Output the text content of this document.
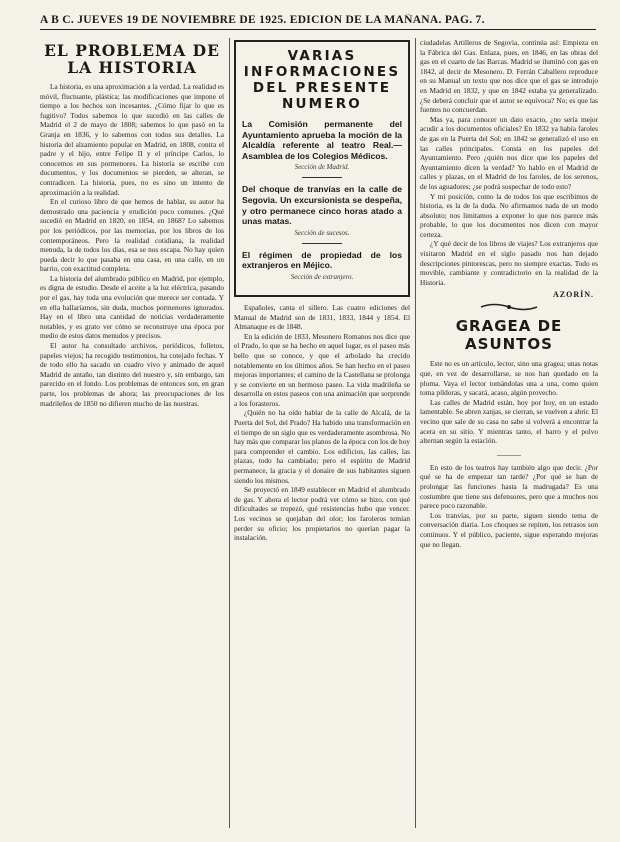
A B C. JUEVES 19 DE NOVIEMBRE DE 1925. EDICION DE LA MAÑANA. PAG. 7.
EL PROBLEMA DE LA HISTORIA

La historia, es una aproximación a la verdad. La realidad es móvil, fluctuante, plástica; las modificaciones que impone el tiempo a los hechos son incesantes. ¿Cómo fijar lo que es fugitivo? Todos sabemos lo que sucedió en las calles de Madrid el 2 de mayo de 1808; sabemos lo que pasó en la Granja en 1836, y lo sabemos con todos sus detalles. La historia del alzamiento popular en Madrid, en 1808, contra el padre y el hijo, entre Felipe II y el príncipe Carlos, lo conocemos en sus pormenores. La historia se escribe con documentos, y los documentos se pierden, se alteran, se contradicen. La historia, pues, no es sino un intento de aproximación a la realidad.

En el curioso libro de que hemos de hablar, su autor ha demostrado una paciencia y erudición poco comunes. ¿Qué sucedió en Madrid en 1820, en 1854, en 1868? Lo sabemos por los periódicos, por las memorias, por los libros de los contemporáneos. Pero la realidad cotidiana, la realidad menuda, la de todos los días, esa se nos escapa. No hay quien pueda decir lo que pasaba en una casa, en una calle, en un barrio, con exactitud completa.

La historia del alumbrado público en Madrid, por ejemplo, es digna de estudio. Desde el aceite a la luz eléctrica, pasando por el gas, hay toda una evolución que merece ser contada. Y en ella hallaríamos, sin duda, muchos pormenores ignorados. Hay en el libro una cantidad de noticias verdaderamente notables, y es grato ver cómo se reconstruye una época por medio de estos datos menudos y precisos.

El autor ha consultado archivos, periódicos, folletos, papeles viejos; ha recogido testimonios, ha cotejado fechas. Y de todo ello ha sacado un cuadro vivo y animado de aquel Madrid de antaño, tan distinto del nuestro y, sin embargo, tan parecido en el fondo. Los problemas de entonces son, en gran parte, los problemas de ahora; las preocupaciones de los madrileños de 1850 no difieren mucho de las nuestras.

VARIAS INFORMACIONES DEL PRESENTE NUMERO

La Comisión permanente del Ayuntamiento aprueba la moción de la Alcaldía referente al teatro Real.—Asamblea de los Colegios Médicos.

Sección de Madrid.

Del choque de tranvías en la calle de Segovia. Un excursionista se despeña, y otro permanece cinco horas atado a unas matas.

Sección de sucesos.

El régimen de propiedad de los extranjeros en Méjico.

Sección de extranjero.

Españoles, canta el sillero. Las cuatro ediciones del Manual de Madrid son de 1831, 1833, 1844 y 1854. El Almanaque es de 1848.

En la edición de 1833, Mesonero Romanos nos dice que el Prado, lo que se ha hecho en aquel lugar, es el paseo más bello que se conoce, y que el arbolado ha crecido notablemente en los últimos años. Se han hecho en el paseo mejoras importantes; el camino de la Castellana se prolonga y se convierte en un hermoso paseo. La vida madrileña se desarrolla en estos paseos con una animación que sorprende a los forasteros.

¿Quién no ha oído hablar de la calle de Alcalá, de la Puerta del Sol, del Prado? Ha habido una transformación en el tiempo de un siglo que es verdaderamente asombrosa. No hay más que comparar los planos de la época con los de hoy para comprender el cambio. Los edificios, las calles, las plazas, todo ha cambiado; pero el espíritu de Madrid permanece, la gracia y el donaire de sus habitantes siguen siendo los mismos.

Se proyectó en 1849 establecer en Madrid el alumbrado de gas. Y ahora el lector podrá ver cómo se hizo, con qué dificultades se tropezó, qué resistencias hubo que vencer. Los vecinos se quejaban del olor; los faroleros temían perder su oficio; los propietarios no querían pagar la instalación.

ciudadelas Artilleros de Segovia, continúa así: Empieza en la Fábrica del Gas. Enlaza, pues, en 1846, en las obras del gas en el cuarto de las Barcas. Madrid se iluminó con gas en 1842, al decir de Mesonero. D. Ferrán Caballero reproduce en su Manual un texto que nos dice que el gas se introdujo en Madrid en 1832, y que en 1842 estaba ya generalizado. ¿Se deberá concluir que el autor se equivoca? No; es que las fuentes no concuerdan.

Mas ya, para conocer un dato exacto, ¿no sería mejor acudir a los documentos oficiales? En 1832 ya había faroles de gas en la Puerta del Sol; en 1842 se generalizó el uso en las calles principales. Consta en los papeles del Ayuntamiento. Pero ¿quién nos dice que los papeles del Ayuntamiento dicen la verdad? Yo hablo en el Madrid de calles y plazas, en el Madrid de los faroles, de los serenos, de los aguadores; ¿se podrá sospechar de todo esto?

Y mi posición, como la de todos los que escribimos de historia, es la de la duda. No afirmamos nada de un modo absoluto; nos limitamos a exponer lo que nos parece más probable, lo que los documentos nos dicen con mayor certeza.

¿Y qué decir de los libros de viajes? Los extranjeros que visitaron Madrid en el siglo pasado nos han dejado descripciones pintorescas, pero no siempre exactas. Todo es movible, cambiante y contradictorio en la realidad de la Historia.

AZORÍN.
GRAGEA DE ASUNTOS

Este no es un artículo, lector, sino una gragea; unas notas que, en vez de desarrollarse, se nos han quedado en la pluma. Vaya el lector tomándolas una a una, como quien toma píldoras, y sacará, acaso, algún provecho.

Las calles de Madrid están, hoy por hoy, en un estado lamentable. Se abren zanjas, se cierran, se vuelven a abrir. El vecino que sale de su casa no sabe si volverá a encontrar la acera en su sitio. Y mientras tanto, el barro y el polvo alternan según la estación.

———

En esto de los teatros hay también algo que decir. ¿Por qué se ha de empezar tan tarde? ¿Por qué se han de prolongar las funciones hasta la madrugada? Es una costumbre que tiene sus defensores, pero que a muchos nos parece poco razonable.

Los tranvías, por su parte, siguen siendo tema de conversación diaria. Los choques se repiten, los retrasos son continuos. Y el público, paciente, sigue esperando mejoras que no llegan.
